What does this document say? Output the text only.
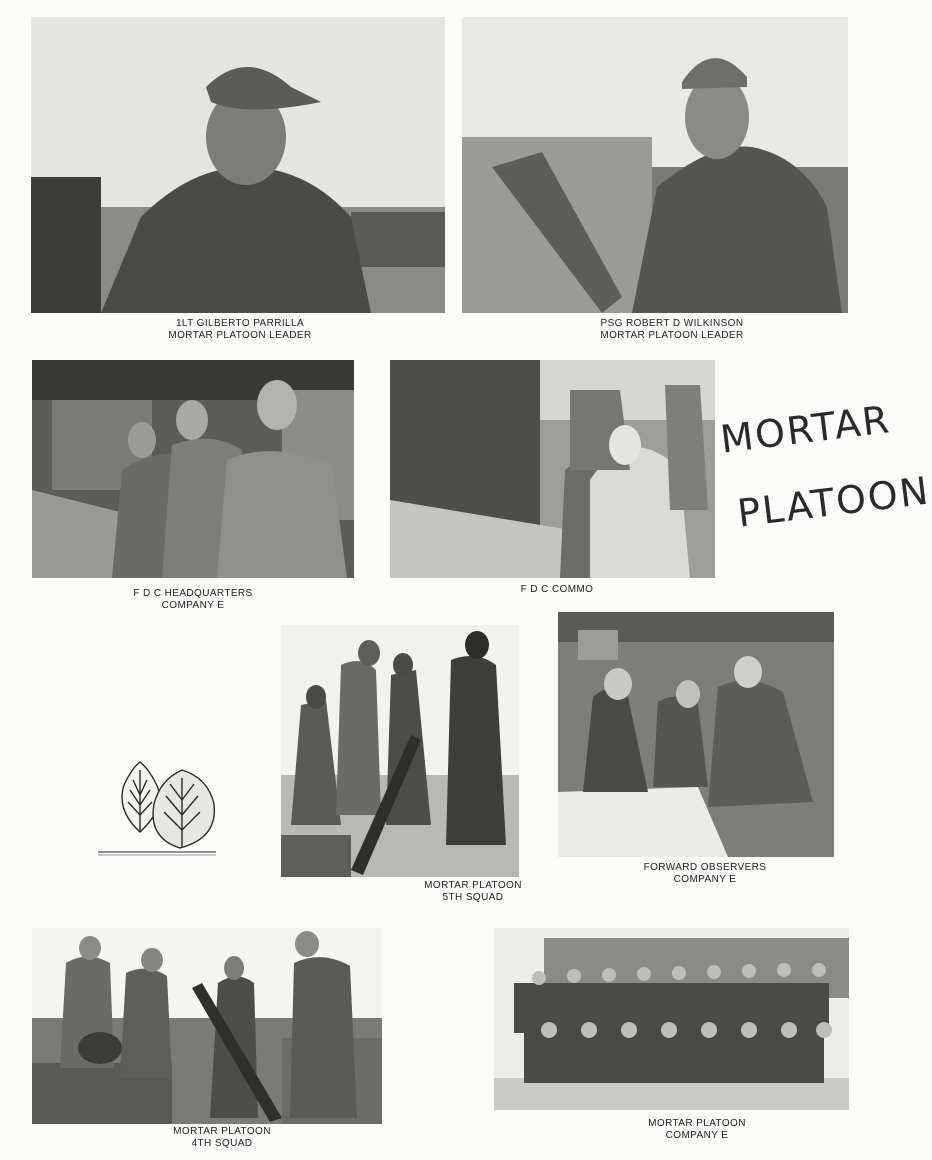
1LT GILBERTO PARRILLA
MORTAR PLATOON LEADER
PSG ROBERT D WILKINSON
MORTAR PLATOON LEADER
F D C HEADQUARTERS
COMPANY E
F D C COMMO
MORTAR
PLATOON
MORTAR PLATOON
5TH SQUAD
FORWARD OBSERVERS
COMPANY E
MORTAR PLATOON
4TH SQUAD
MORTAR PLATOON
COMPANY E
